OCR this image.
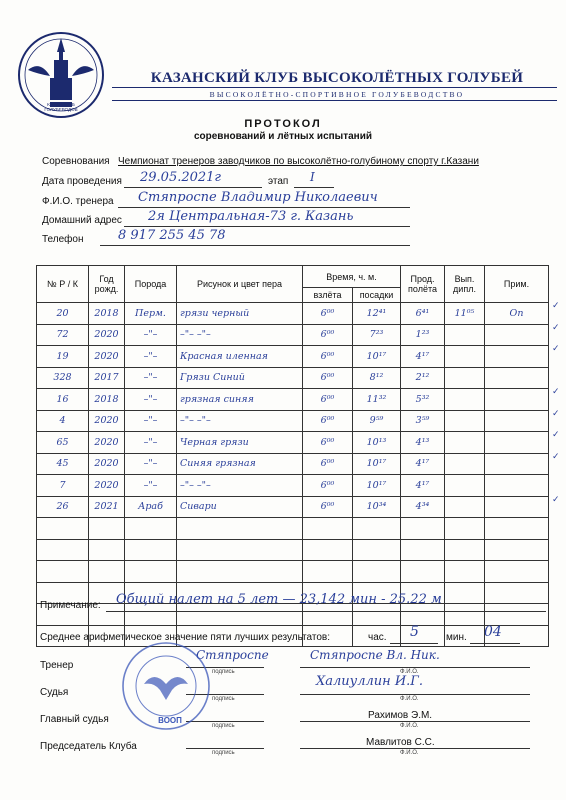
KAZAN КЛУБ ГОЛУБЕВОДОВ
КАЗАНСКИЙ КЛУБ ВЫСОКОЛЁТНЫХ ГОЛУБЕЙ
ВЫСОКОЛЁТНО-СПОРТИВНОЕ ГОЛУБЕВОДСТВО
ПРОТОКОЛ
соревнований и лётных испытаний
Соревнования Чемпионат тренеров заводчиков по высоколётно-голубиному спорту г.Казани
Дата проведения 29.05.2021г	этап I
Ф.И.О. тренера Стяпроспе Владимир Николаевич
Домашний адрес 2я Центральная-73 г. Казань
Телефон	8 917 255 45 78
№ Р / К	Год рожд.	Порода	Рисунок и цвет пера	Время, ч. м.		Прод. полёта	Вып. дипл.	Прим.
				взлёта	посадки			
20	2018	Перм.	грязи черный	6⁰⁰	12⁴¹	6⁴¹	11⁰⁵	Оп
72	2020	–"–	–"– –"–	6⁰⁰	7²³	1²³		
19	2020	–"–	Красная иленная	6⁰⁰	10¹⁷	4¹⁷		
328	2017	–"–	Грязи Синий	6⁰⁰	8¹²	2¹²		
16	2018	–"–	грязная синяя	6⁰⁰	11³²	5³²		
4	2020	–"–	–"– –"–	6⁰⁰	9⁵⁹	3⁵⁹		
65	2020	–"–	Черная грязи	6⁰⁰	10¹³	4¹³		
45	2020	–"–	Синяя грязная	6⁰⁰	10¹⁷	4¹⁷		
7	2020	–"–	–"– –"–	6⁰⁰	10¹⁷	4¹⁷		
26	2021	Араб	Сивари	6⁰⁰	10³⁴	4³⁴		

✓
✓
✓
✓
✓
✓
✓
✓
Примечание: Общий налет на 5 лет — 23,142 мин - 25.22 м
Среднее арифметическое значение пяти лучших результатов:	час. 5	мин. 04
Тренер
подпись
Стяпроспе
Ф.И.О.
Стяпроспе Вл. Ник.
Судья
подпись	Ф.И.О.
Халиуллин И.Г.
Главный судья
подпись
Рахимов Э.М.
Ф.И.О.
Председатель Клуба
подпись
Мавлитов С.С.
Ф.И.О.
ВООП
